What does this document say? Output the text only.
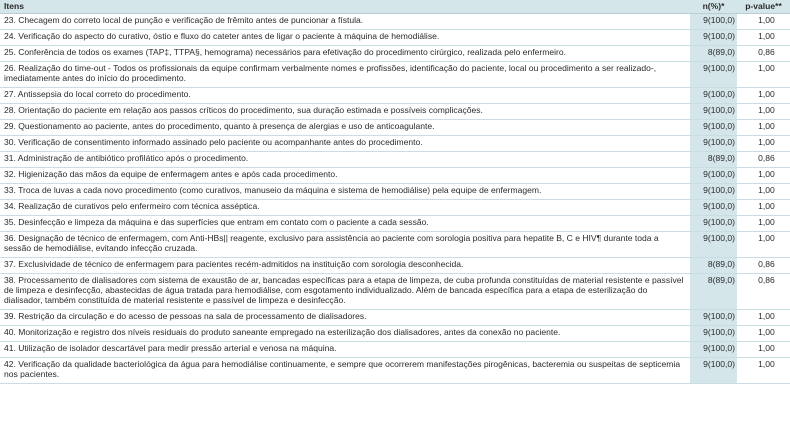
Itens	n(%)*	p-value**
23. Checagem do correto local de punção e verificação de frêmito antes de puncionar a fístula.	9(100,0)	1,00
24. Verificação do aspecto do curativo, óstio e fluxo do cateter antes de ligar o paciente à máquina de hemodiálise.	9(100,0)	1,00
25. Conferência de todos os exames (TAP‡, TTPA§, hemograma) necessários para efetivação do procedimento cirúrgico, realizada pelo enfermeiro.	8(89,0)	0,86
26. Realização do time-out - Todos os profissionais da equipe confirmam verbalmente nomes e profissões, identificação do paciente, local ou procedimento a ser realizado-, imediatamente antes do início do procedimento.	9(100,0)	1,00
27. Antissepsia do local correto do procedimento.	9(100,0)	1,00
28. Orientação do paciente em relação aos passos críticos do procedimento, sua duração estimada e possíveis complicações.	9(100,0)	1,00
29. Questionamento ao paciente, antes do procedimento, quanto à presença de alergias e uso de anticoagulante.	9(100,0)	1,00
30. Verificação de consentimento informado assinado pelo paciente ou acompanhante antes do procedimento.	9(100,0)	1,00
31. Administração de antibiótico profilático após o procedimento.	8(89,0)	0,86
32. Higienização das mãos da equipe de enfermagem antes e após cada procedimento.	9(100,0)	1,00
33. Troca de luvas a cada novo procedimento (como curativos, manuseio da máquina e sistema de hemodiálise) pela equipe de enfermagem.	9(100,0)	1,00
34. Realização de curativos pelo enfermeiro com técnica asséptica.	9(100,0)	1,00
35. Desinfecção e limpeza da máquina e das superfícies que entram em contato com o paciente a cada sessão.	9(100,0)	1,00
36. Designação de técnico de enfermagem, com Anti-HBs|| reagente, exclusivo para assistência ao paciente com sorologia positiva para hepatite B, C e HIV¶ durante toda a sessão de hemodiálise, evitando infecção cruzada.	9(100,0)	1,00
37. Exclusividade de técnico de enfermagem para pacientes recém-admitidos na instituição com sorologia desconhecida.	8(89,0)	0,86
38. Processamento de dialisadores com sistema de exaustão de ar, bancadas específicas para a etapa de limpeza, de cuba profunda constituídas de material resistente e passível de limpeza e desinfecção, abastecidas de água tratada para hemodiálise, com esgotamento individualizado. Além de bancada específica para a etapa de esterilização do dialisador, também constituída de material resistente e passível de limpeza e desinfecção.	8(89,0)	0,86
39. Restrição da circulação e do acesso de pessoas na sala de processamento de dialisadores.	9(100,0)	1,00
40. Monitorização e registro dos níveis residuais do produto saneante empregado na esterilização dos dialisadores, antes da conexão no paciente.	9(100,0)	1,00
41. Utilização de isolador descartável para medir pressão arterial e venosa na máquina.	9(100,0)	1,00
42. Verificação da qualidade bacteriológica da água para hemodiálise continuamente, e sempre que ocorrerem manifestações pirogênicas, bacteremia ou suspeitas de septicemia nos pacientes.	9(100,0)	1,00
